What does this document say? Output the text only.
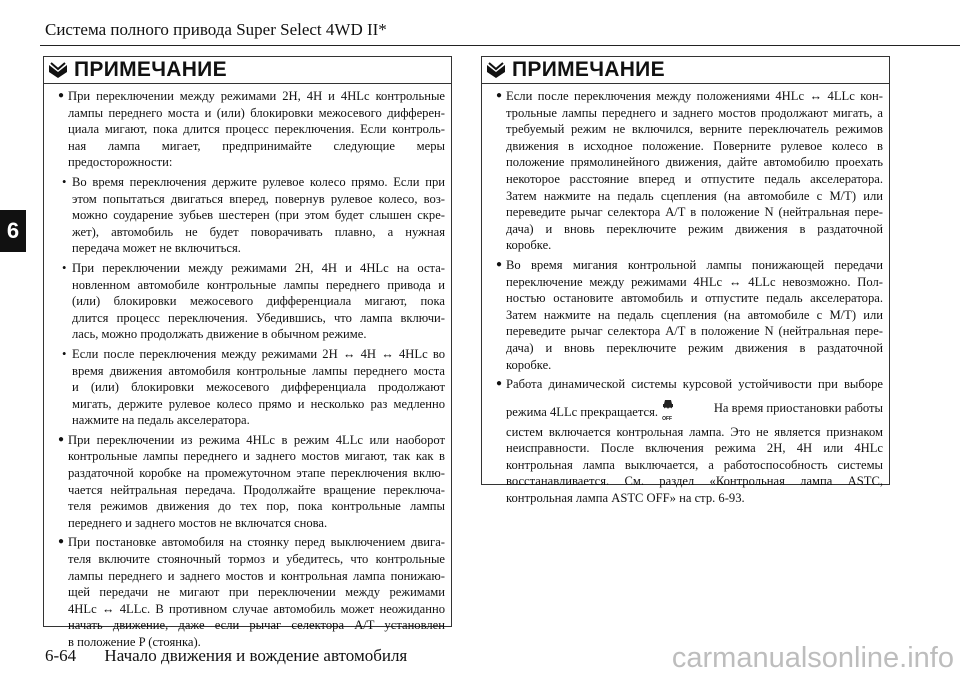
Система полного привода Super Select 4WD II*
6
ПРИМЕЧАНИЕ
● При переключении между режимами 2H, 4H и 4HLc контрольные
лампы переднего моста и (или) блокировки межосевого дифферен-
циала мигают, пока длится процесс переключения. Если контроль-
ная лампа мигает, предпринимайте следующие меры
предосторожности:
• Во время переключения держите рулевое колесо прямо. Если при
этом попытаться двигаться вперед, повернув рулевое колесо, воз-
можно соударение зубьев шестерен (при этом будет слышен скре-
жет), автомобиль не будет поворачивать плавно, а нужная
передача может не включиться.
• При переключении между режимами 2H, 4H и 4HLc на оста-
новленном автомобиле контрольные лампы переднего привода и
(или) блокировки межосевого дифференциала мигают, пока
длится процесс переключения. Убедившись, что лампа включи-
лась, можно продолжать движение в обычном режиме.
• Если после переключения между режимами 2H ↔ 4H ↔ 4HLc во
время движения автомобиля контрольные лампы переднего моста
и (или) блокировки межосевого дифференциала продолжают
мигать, держите рулевое колесо прямо и несколько раз медленно
нажмите на педаль акселератора.
● При переключении из режима 4HLc в режим 4LLc или наоборот
контрольные лампы переднего и заднего мостов мигают, так как в
раздаточной коробке на промежуточном этапе переключения вклю-
чается нейтральная передача. Продолжайте вращение переключа-
теля режимов движения до тех пор, пока контрольные лампы
переднего и заднего мостов не включатся снова.
● При постановке автомобиля на стоянку перед выключением двига-
теля включите стояночный тормоз и убедитесь, что контрольные
лампы переднего и заднего мостов и контрольная лампа понижаю-
щей передачи не мигают при переключении между режимами
4HLc ↔ 4LLc. В противном случае автомобиль может неожиданно
начать движение, даже если рычаг селектора A/T установлен
в положение P (стоянка).
ПРИМЕЧАНИЕ
● Если после переключения между положениями 4HLc ↔ 4LLc кон-
трольные лампы переднего и заднего мостов продолжают мигать, а
требуемый режим не включился, верните переключатель режимов
движения в исходное положение. Поверните рулевое колесо в
положение прямолинейного движения, дайте автомобилю проехать
некоторое расстояние вперед и отпустите педаль акселератора.
Затем нажмите на педаль сцепления (на автомобиле с M/T) или
переведите рычаг селектора A/T в положение N (нейтральная пере-
дача) и вновь переключите режим движения в раздаточной
коробке.
● Во время мигания контрольной лампы понижающей передачи
переключение между режимами 4HLc ↔ 4LLc невозможно. Пол-
ностью остановите автомобиль и отпустите педаль акселератора.
Затем нажмите на педаль сцепления (на автомобиле с M/T) или
переведите рычаг селектора A/T в положение N (нейтральная пере-
дача) и вновь переключите режим движения в раздаточной
коробке.
● Работа динамической системы курсовой устойчивости при выборе
режима 4LLc прекращается. OFF
На время приостановки работы
систем включается контрольная лампа. Это не является признаком
неисправности. После включения режима 2H, 4H или 4HLc
контрольная лампа выключается, а работоспособность системы
восстанавливается. См. раздел «Контрольная лампа ASTC,
контрольная лампа ASTC OFF» на стр. 6-93.
6-64 Начало движения и вождение автомобиля	carmanualsonline.info
